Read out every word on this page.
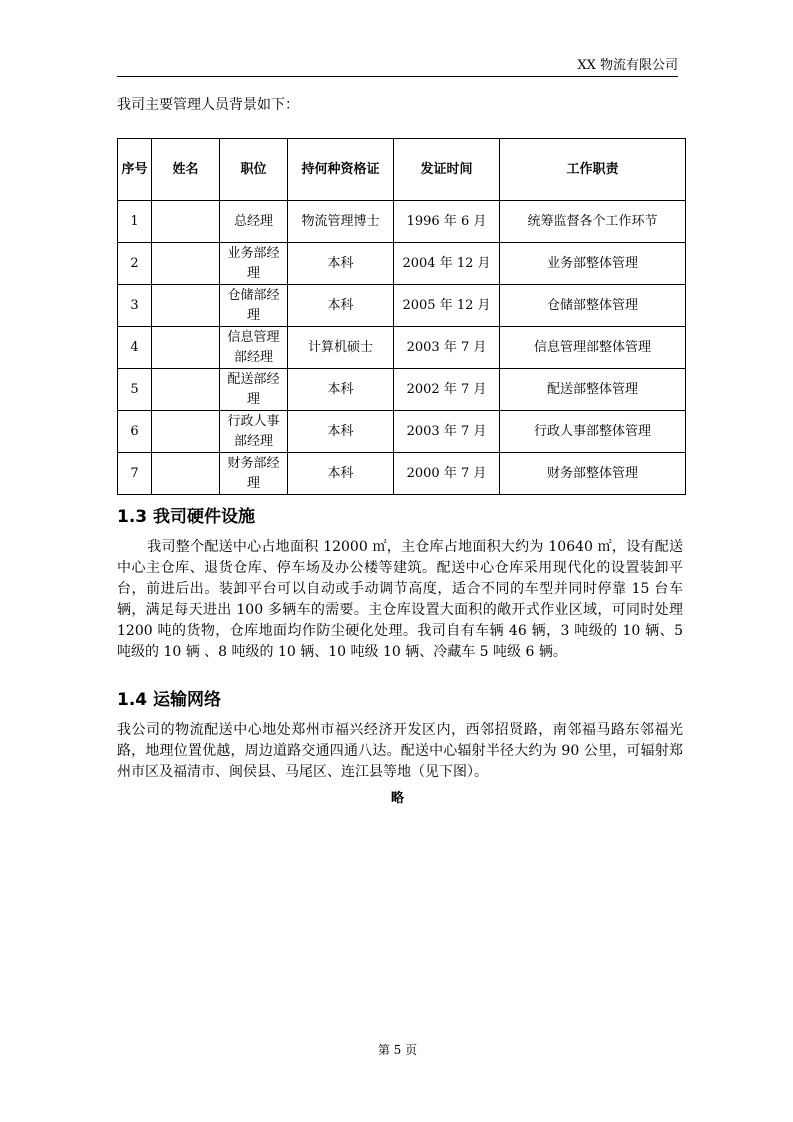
XX 物流有限公司
我司主要管理人员背景如下：
序号	姓名	职位	持何种资格证	发证时间	工作职责
1		总经理	物流管理博士	1996 年 6 月	统筹监督各个工作环节
2		业务部经理	本科	2004 年 12 月	业务部整体管理
3		仓储部经理	本科	2005 年 12 月	仓储部整体管理
4		信息管理部经理	计算机硕士	2003 年 7 月	信息管理部整体管理
5		配送部经理	本科	2002 年 7 月	配送部整体管理
6		行政人事部经理	本科	2003 年 7 月	行政人事部整体管理
7		财务部经理	本科	2000 年 7 月	财务部整体管理
1.3 我司硬件设施
我司整个配送中心占地面积 12000 ㎡，主仓库占地面积大约为 10640 ㎡，设有配送中心主仓库、退货仓库、停车场及办公楼等建筑。配送中心仓库采用现代化的设置装卸平台，前进后出。装卸平台可以自动或手动调节高度，适合不同的车型并同时停靠 15 台车辆，满足每天进出 100 多辆车的需要。主仓库设置大面积的敞开式作业区域，可同时处理 1200 吨的货物，仓库地面均作防尘硬化处理。我司自有车辆 46 辆，3 吨级的 10 辆、5 吨级的 10 辆 、8 吨级的 10 辆、10 吨级 10 辆、冷藏车 5 吨级 6 辆。
1.4 运输网络
我公司的物流配送中心地处郑州市福兴经济开发区内，西邻招贤路，南邻福马路东邻福光路，地理位置优越，周边道路交通四通八达。配送中心辐射半径大约为 90 公里，可辐射郑州市区及福清市、闽侯县、马尾区、连江县等地（见下图）。
略
第 5 页
